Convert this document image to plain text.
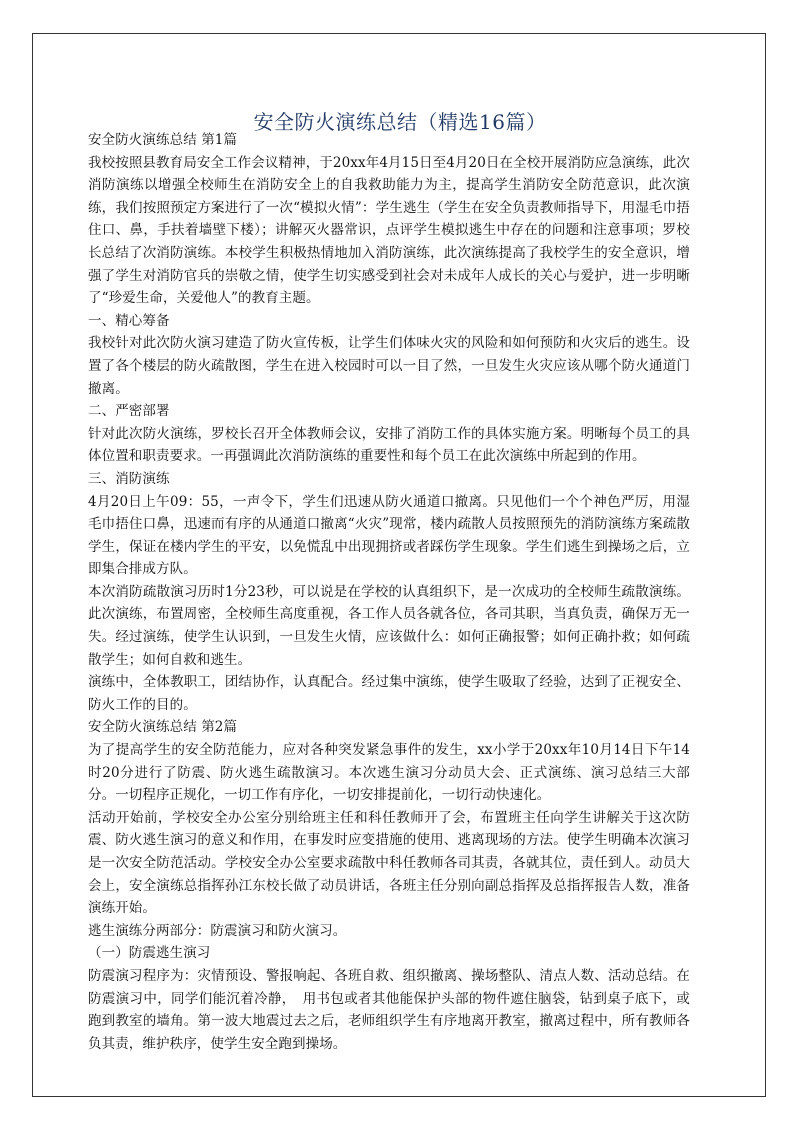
安全防火演练总结（精选16篇）

安全防火演练总结 第1篇

我校按照县教育局安全工作会议精神，于20xx年4月15日至4月20日在全校开展消防应急演练，此次消防演练以增强全校师生在消防安全上的自我救助能力为主，提高学生消防安全防范意识，此次演练，我们按照预定方案进行了一次“模拟火情”：学生逃生（学生在安全负责教师指导下，用湿毛巾捂住口、鼻，手扶着墙壁下楼）；讲解灭火器常识，点评学生模拟逃生中存在的问题和注意事项；罗校长总结了次消防演练。本校学生积极热情地加入消防演练，此次演练提高了我校学生的安全意识，增强了学生对消防官兵的崇敬之情，使学生切实感受到社会对未成年人成长的关心与爱护，进一步明晰了“珍爱生命，关爱他人”的教育主题。

一、精心筹备

我校针对此次防火演习建造了防火宣传板，让学生们体味火灾的风险和如何预防和火灾后的逃生。设置了各个楼层的防火疏散图，学生在进入校园时可以一目了然，一旦发生火灾应该从哪个防火通道门撤离。

二、严密部署

针对此次防火演练，罗校长召开全体教师会议，安排了消防工作的具体实施方案。明晰每个员工的具体位置和职责要求。一再强调此次消防演练的重要性和每个员工在此次演练中所起到的作用。

三、消防演练

4月20日上午09：55，一声令下，学生们迅速从防火通道口撤离。只见他们一个个神色严厉，用湿毛巾捂住口鼻，迅速而有序的从通道口撤离“火灾”现常，楼内疏散人员按照预先的消防演练方案疏散学生，保证在楼内学生的平安，以免慌乱中出现拥挤或者踩伤学生现象。学生们逃生到操场之后，立即集合排成方队。

本次消防疏散演习历时1分23秒，可以说是在学校的认真组织下，是一次成功的全校师生疏散演练。此次演练，布置周密，全校师生高度重视，各工作人员各就各位，各司其职，当真负责，确保万无一失。经过演练，使学生认识到，一旦发生火情，应该做什么：如何正确报警；如何正确扑救；如何疏散学生；如何自救和逃生。

演练中，全体教职工，团结协作，认真配合。经过集中演练，使学生吸取了经验，达到了正视安全、防火工作的目的。

安全防火演练总结 第2篇

为了提高学生的安全防范能力，应对各种突发紧急事件的发生，xx小学于20xx年10月14日下午14时20分进行了防震、防火逃生疏散演习。本次逃生演习分动员大会、正式演练、演习总结三大部分。一切程序正规化，一切工作有序化，一切安排提前化，一切行动快速化。

活动开始前，学校安全办公室分别给班主任和科任教师开了会，布置班主任向学生讲解关于这次防震、防火逃生演习的意义和作用，在事发时应变措施的使用、逃离现场的方法。使学生明确本次演习是一次安全防范活动。学校安全办公室要求疏散中科任教师各司其责，各就其位，责任到人。动员大会上，安全演练总指挥孙江东校长做了动员讲话，各班主任分别向副总指挥及总指挥报告人数，准备演练开始。

逃生演练分两部分：防震演习和防火演习。

（一）防震逃生演习

防震演习程序为：灾情预设、警报响起、各班自救、组织撤离、操场整队、清点人数、活动总结。在防震演习中，同学们能沉着冷静，　用书包或者其他能保护头部的物件遮住脑袋，钻到桌子底下，或跑到教室的墙角。第一波大地震过去之后，老师组织学生有序地离开教室，撤离过程中，所有教师各负其责，维护秩序，使学生安全跑到操场。
